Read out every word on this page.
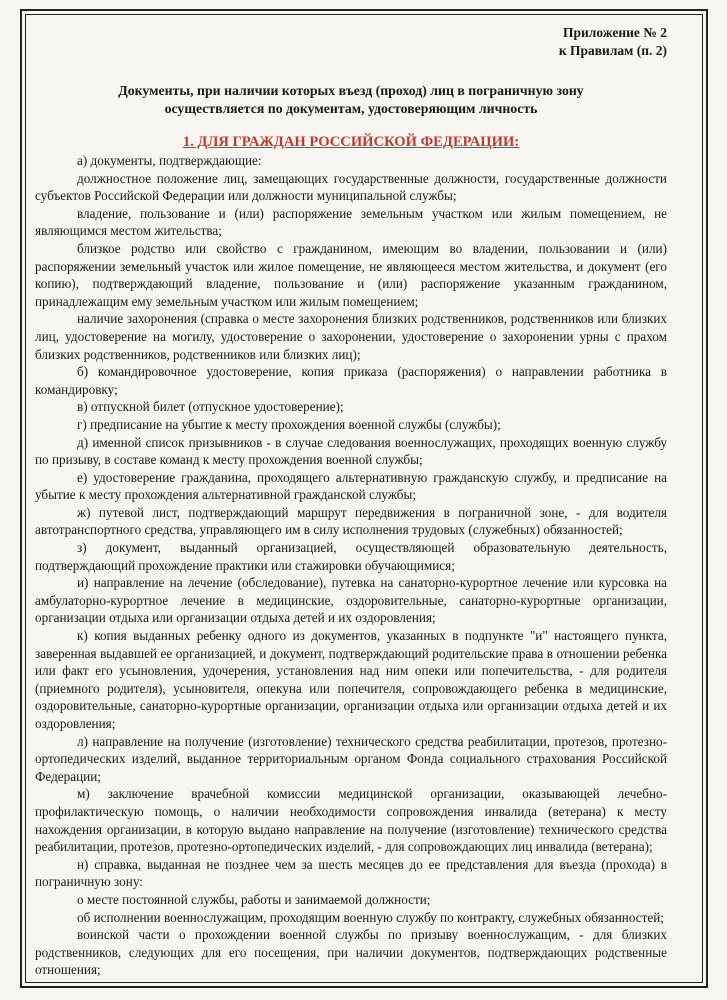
Приложение № 2
к Правилам (п. 2)
Документы, при наличии которых въезд (проход) лиц в пограничную зону
осуществляется по документам, удостоверяющим личность
1. ДЛЯ ГРАЖДАН РОССИЙСКОЙ ФЕДЕРАЦИИ:

а) документы, подтверждающие:

должностное положение лиц, замещающих государственные должности, государственные должности субъектов Российской Федерации или должности муниципальной службы;

владение, пользование и (или) распоряжение земельным участком или жилым помещением, не являющимся местом жительства;

близкое родство или свойство с гражданином, имеющим во владении, пользовании и (или) распоряжении земельный участок или жилое помещение, не являющееся местом жительства, и документ (его копию), подтверждающий владение, пользование и (или) распоряжение указанным гражданином, принадлежащим ему земельным участком или жилым помещением;

наличие захоронения (справка о месте захоронения близких родственников, родственников или близких лиц, удостоверение на могилу, удостоверение о захоронении, удостоверение о захоронении урны с прахом близких родственников, родственников или близких лиц);

б) командировочное удостоверение, копия приказа (распоряжения) о направлении работника в командировку;

в) отпускной билет (отпускное удостоверение);

г) предписание на убытие к месту прохождения военной службы (службы);

д) именной список призывников - в случае следования военнослужащих, проходящих военную службу по призыву, в составе команд к месту прохождения военной службы;

е) удостоверение гражданина, проходящего альтернативную гражданскую службу, и предписание на убытие к месту прохождения альтернативной гражданской службы;

ж) путевой лист, подтверждающий маршрут передвижения в пограничной зоне, - для водителя автотранспортного средства, управляющего им в силу исполнения трудовых (служебных) обязанностей;

з) документ, выданный организацией, осуществляющей образовательную деятельность, подтверждающий прохождение практики или стажировки обучающимися;

и) направление на лечение (обследование), путевка на санаторно-курортное лечение или курсовка на амбулаторно-курортное лечение в медицинские, оздоровительные, санаторно-курортные организации, организации отдыха или организации отдыха детей и их оздоровления;

к) копия выданных ребенку одного из документов, указанных в подпункте "и" настоящего пункта, заверенная выдавшей ее организацией, и документ, подтверждающий родительские права в отношении ребенка или факт его усыновления, удочерения, установления над ним опеки или попечительства, - для родителя (приемного родителя), усыновителя, опекуна или попечителя, сопровождающего ребенка в медицинские, оздоровительные, санаторно-курортные организации, организации отдыха или организации отдыха детей и их оздоровления;

л) направление на получение (изготовление) технического средства реабилитации, протезов, протезно-ортопедических изделий, выданное территориальным органом Фонда социального страхования Российской Федерации;

м) заключение врачебной комиссии медицинской организации, оказывающей лечебно-профилактическую помощь, о наличии необходимости сопровождения инвалида (ветерана) к месту нахождения организации, в которую выдано направление на получение (изготовление) технического средства реабилитации, протезов, протезно-ортопедических изделий, - для сопровождающих лиц инвалида (ветерана);

н) справка, выданная не позднее чем за шесть месяцев до ее представления для въезда (прохода) в пограничную зону:

о месте постоянной службы, работы и занимаемой должности;

об исполнении военнослужащим, проходящим военную службу по контракту, служебных обязанностей;

воинской части о прохождении военной службы по призыву военнослужащим, - для близких родственников, следующих для его посещения, при наличии документов, подтверждающих родственные отношения;
